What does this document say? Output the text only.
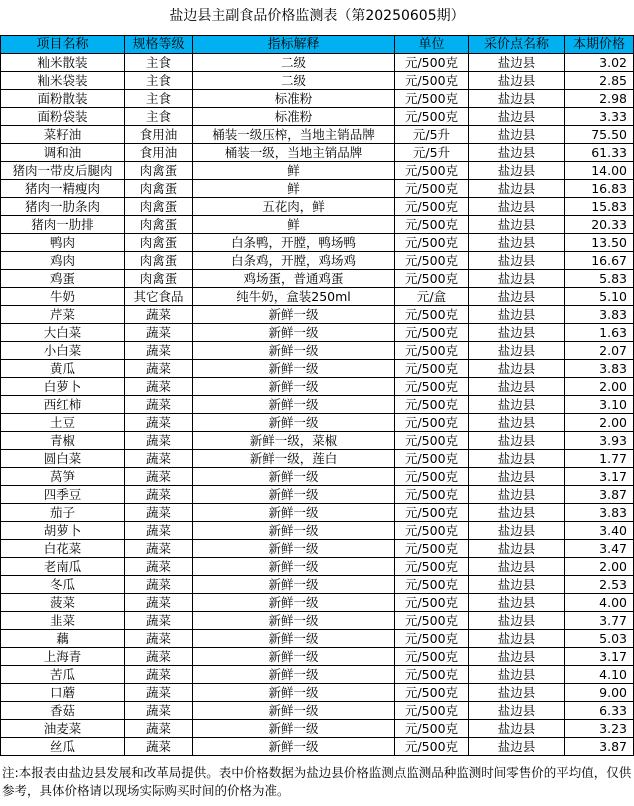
盐边县主副食品价格监测表（第20250605期）
项目名称	规格等级	指标解释	单位	采价点名称	本期价格
籼米散装	主食	二级	元/500克	盐边县	3.02
籼米袋装	主食	二级	元/500克	盐边县	2.85
面粉散装	主食	标准粉	元/500克	盐边县	2.98
面粉袋装	主食	标准粉	元/500克	盐边县	3.33
菜籽油	食用油	桶装一级压榨，当地主销品牌	元/5升	盐边县	75.50
调和油	食用油	桶装一级，当地主销品牌	元/5升	盐边县	61.33
猪肉一带皮后腿肉	肉禽蛋	鲜	元/500克	盐边县	14.00
猪肉一精瘦肉	肉禽蛋	鲜	元/500克	盐边县	16.83
猪肉一肋条肉	肉禽蛋	五花肉，鲜	元/500克	盐边县	15.83
猪肉一肋排	肉禽蛋	鲜	元/500克	盐边县	20.33
鸭肉	肉禽蛋	白条鸭，开膛，鸭场鸭	元/500克	盐边县	13.50
鸡肉	肉禽蛋	白条鸡，开膛，鸡场鸡	元/500克	盐边县	16.67
鸡蛋	肉禽蛋	鸡场蛋，普通鸡蛋	元/500克	盐边县	5.83
牛奶	其它食品	纯牛奶，盒装250ml	元/盒	盐边县	5.10
芹菜	蔬菜	新鲜一级	元/500克	盐边县	3.83
大白菜	蔬菜	新鲜一级	元/500克	盐边县	1.63
小白菜	蔬菜	新鲜一级	元/500克	盐边县	2.07
黄瓜	蔬菜	新鲜一级	元/500克	盐边县	3.83
白萝卜	蔬菜	新鲜一级	元/500克	盐边县	2.00
西红柿	蔬菜	新鲜一级	元/500克	盐边县	3.10
土豆	蔬菜	新鲜一级	元/500克	盐边县	2.00
青椒	蔬菜	新鲜一级，菜椒	元/500克	盐边县	3.93
圆白菜	蔬菜	新鲜一级，莲白	元/500克	盐边县	1.77
莴笋	蔬菜	新鲜一级	元/500克	盐边县	3.17
四季豆	蔬菜	新鲜一级	元/500克	盐边县	3.87
茄子	蔬菜	新鲜一级	元/500克	盐边县	3.83
胡萝卜	蔬菜	新鲜一级	元/500克	盐边县	3.40
白花菜	蔬菜	新鲜一级	元/500克	盐边县	3.47
老南瓜	蔬菜	新鲜一级	元/500克	盐边县	2.00
冬瓜	蔬菜	新鲜一级	元/500克	盐边县	2.53
菠菜	蔬菜	新鲜一级	元/500克	盐边县	4.00
韭菜	蔬菜	新鲜一级	元/500克	盐边县	3.77
藕	蔬菜	新鲜一级	元/500克	盐边县	5.03
上海青	蔬菜	新鲜一级	元/500克	盐边县	3.17
苦瓜	蔬菜	新鲜一级	元/500克	盐边县	4.10
口蘑	蔬菜	新鲜一级	元/500克	盐边县	9.00
香菇	蔬菜	新鲜一级	元/500克	盐边县	6.33
油麦菜	蔬菜	新鲜一级	元/500克	盐边县	3.23
丝瓜	蔬菜	新鲜一级	元/500克	盐边县	3.87
注:本报表由盐边县发展和改革局提供。表中价格数据为盐边县价格监测点监测品种监测时间零售价的平均值，仅供参考，具体价格请以现场实际购买时间的价格为准。
